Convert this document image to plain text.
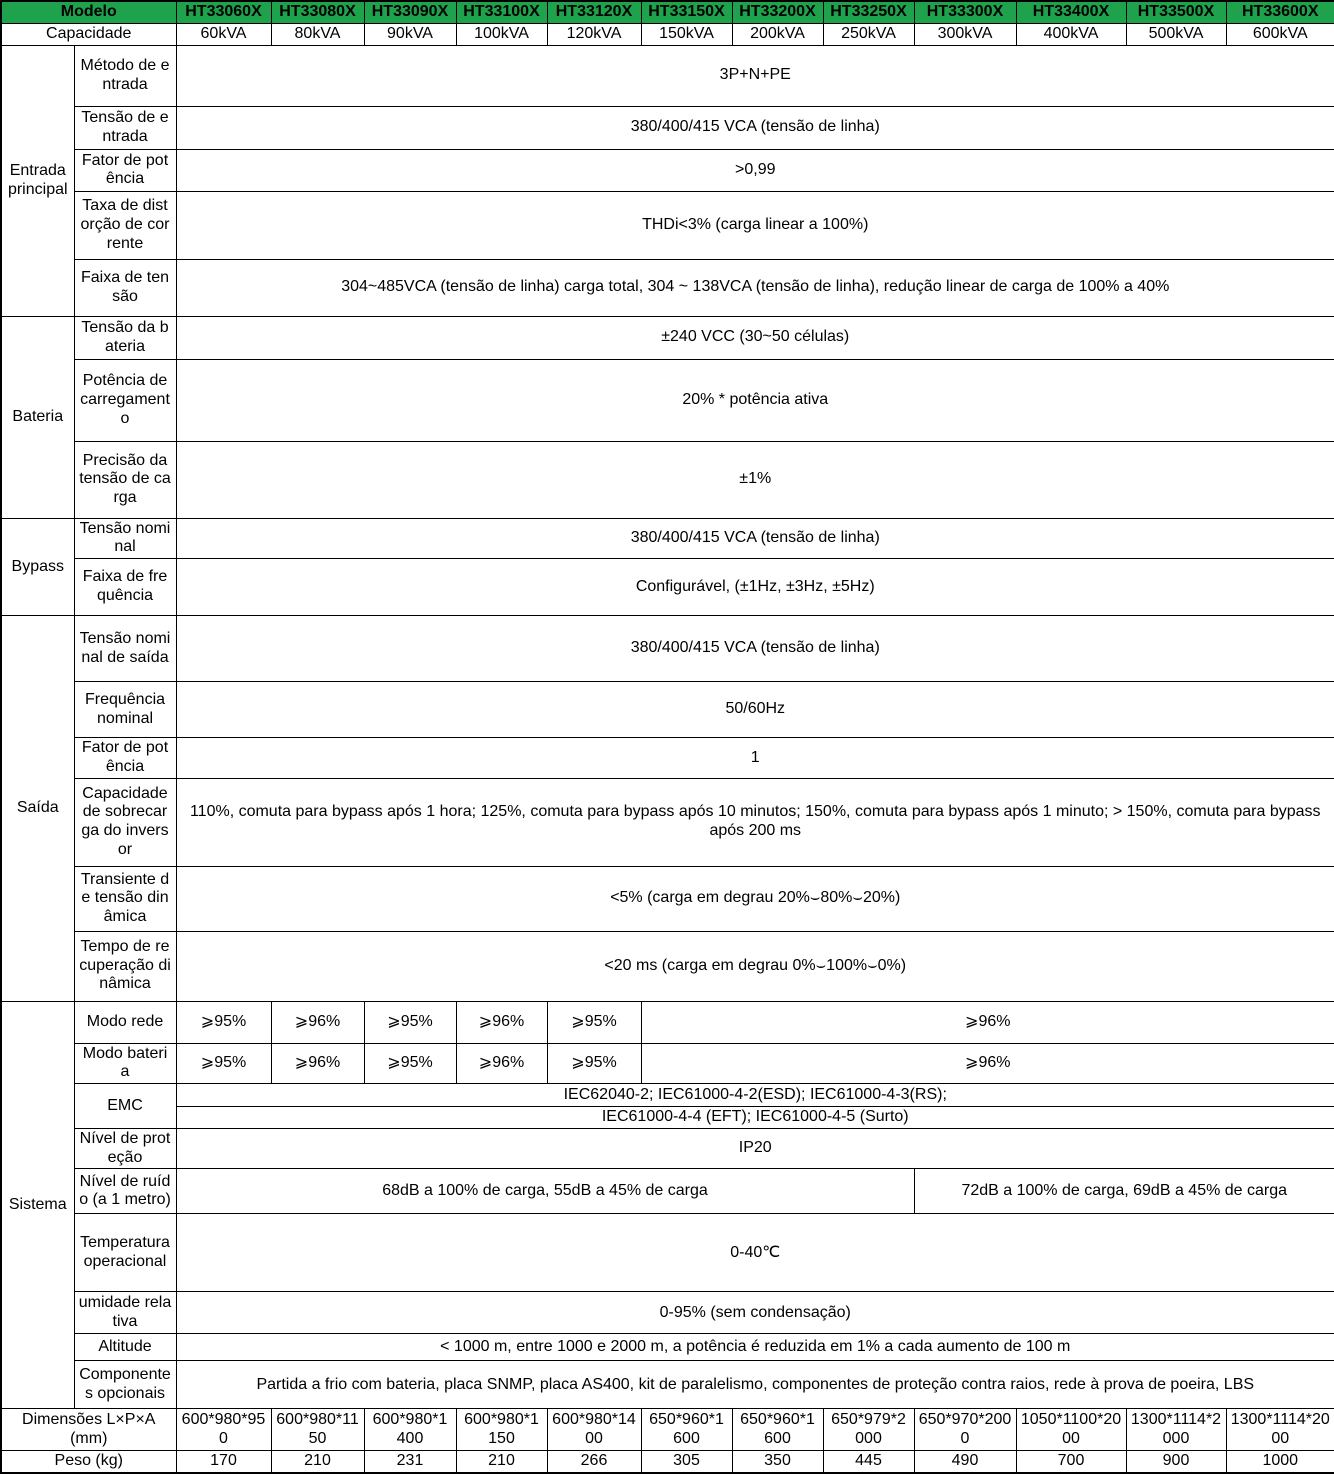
Modelo		HT33060X	HT33080X	HT33090X	HT33100X	HT33120X	HT33150X	HT33200X	HT33250X	HT33300X	HT33400X	HT33500X	HT33600X
Capacidade		60kVA	80kVA	90kVA	100kVA	120kVA	150kVA	200kVA	250kVA	300kVA	400kVA	500kVA	600kVA
Entrada principal	Método de entrada	3P+N+PE											
	Tensão de entrada	380/400/415 VCA (tensão de linha)											
	Fator de potência	>0,99											
	Taxa de distorção de corrente	THDi<3% (carga linear a 100%)											
	Faixa de tensão	304~485VCA (tensão de linha) carga total, 304 ~ 138VCA (tensão de linha), redução linear de carga de 100% a 40%											
Bateria	Tensão da bateria	±240 VCC (30~50 células)											
	Potência de carregamento	20% * potência ativa											
	Precisão da tensão de carga	±1%											
Bypass	Tensão nominal	380/400/415 VCA (tensão de linha)											
	Faixa de frequência	Configurável, (±1Hz, ±3Hz, ±5Hz)											
Saída	Tensão nominal de saída	380/400/415 VCA (tensão de linha)											
	Frequência nominal	50/60Hz											
	Fator de potência	1											
	Capacidade de sobrecarga do inversor	110%, comuta para bypass após 1 hora; 125%, comuta para bypass após 10 minutos; 150%, comuta para bypass após 1 minuto; > 150%, comuta para bypass após 200 ms											
	Transiente de tensão dinâmica	<5% (carga em degrau 20%⌣80%⌣20%)											
	Tempo de recuperação dinâmica	<20 ms (carga em degrau 0%⌣100%⌣0%)											
Sistema	Modo rede	⩾95%	⩾96%	⩾95%	⩾96%	⩾95%	⩾96%						
	Modo bateria	⩾95%	⩾96%	⩾95%	⩾96%	⩾95%	⩾96%						
	EMC	IEC62040-2; IEC61000-4-2(ESD); IEC61000-4-3(RS);											
		IEC61000-4-4 (EFT); IEC61000-4-5 (Surto)											
	Nível de proteção	IP20											
	Nível de ruído (a 1 metro)	68dB a 100% de carga, 55dB a 45% de carga								72dB a 100% de carga, 69dB a 45% de carga			
	Temperatura operacional	0-40℃											
	umidade relativa	0-95% (sem condensação)											
	Altitude	< 1000 m, entre 1000 e 2000 m, a potência é reduzida em 1% a cada aumento de 100 m											
	Componentes opcionais	Partida a frio com bateria, placa SNMP, placa AS400, kit de paralelismo, componentes de proteção contra raios, rede à prova de poeira, LBS											
Dimensões L×P×A (mm)		600*980*950	600*980*1150	600*980*1400	600*980*1150	600*980*1400	650*960*1600	650*960*1600	650*979*2000	650*970*2000	1050*1100*2000	1300*1114*2000	1300*1114*2000
Peso (kg)		170	210	231	210	266	305	350	445	490	700	900	1000
